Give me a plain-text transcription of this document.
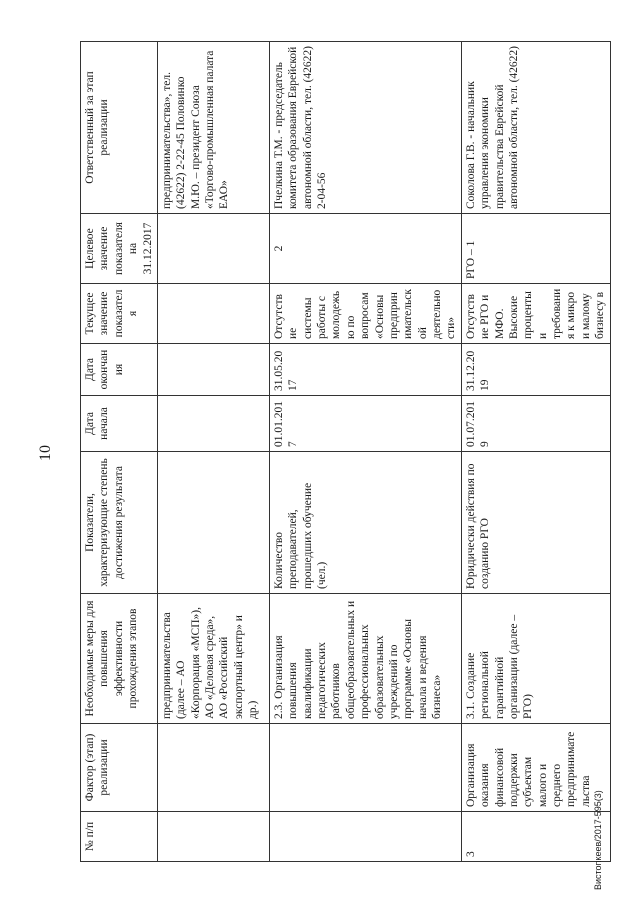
10
№ п/п	Фактор (этап) реализации	Необходимые меры для повышения эффективности прохождения этапов	Показатели, характеризующие степень достижения результата	Дата начала	Дата окончания	Текущее значение показателя	Целевое значение показателя на 31.12.2017	Ответственный за этап реализации
		предпринимательства (далее – АО «Корпорация «МСП»), АО «Деловая среда», АО «Российский экспортный центр» и др.)						предпринимательства», тел. (42622) 2-22-45 Половинко М.Ю. – президент Союза «Торгово-промышленная палата ЕАО»
		2.3. Организация повышения квалификации педагогических работников общеобразовательных и профессиональных образовательных учреждений по программе «Основы начала и ведения бизнеса»	Количество преподавателей, прошедших обучение (чел.)	01.01.2017	31.05.2017	Отсутствие системы работы с молодежью по вопросам «Основы предпринимательской деятельности»	2	Пчелкина Т.М. - председатель комитета образования Еврейской автономной области, тел. (42622) 2-04-56
3	Организация оказания финансовой поддержки субъектам малого и среднего предпринимательства	3.1. Создание региональной гарантийной организации (далее – РГО)	Юридически действия по созданию РГО	01.07.2019	31.12.2019	Отсутствие РГО и МФО. Высокие проценты и требования к микро и малому бизнесу в	РГО – 1	Соколова Г.В. - начальник управления экономики правительства Еврейской автономной области, тел. (42622)
Вистопкеев/2017-595(3)
